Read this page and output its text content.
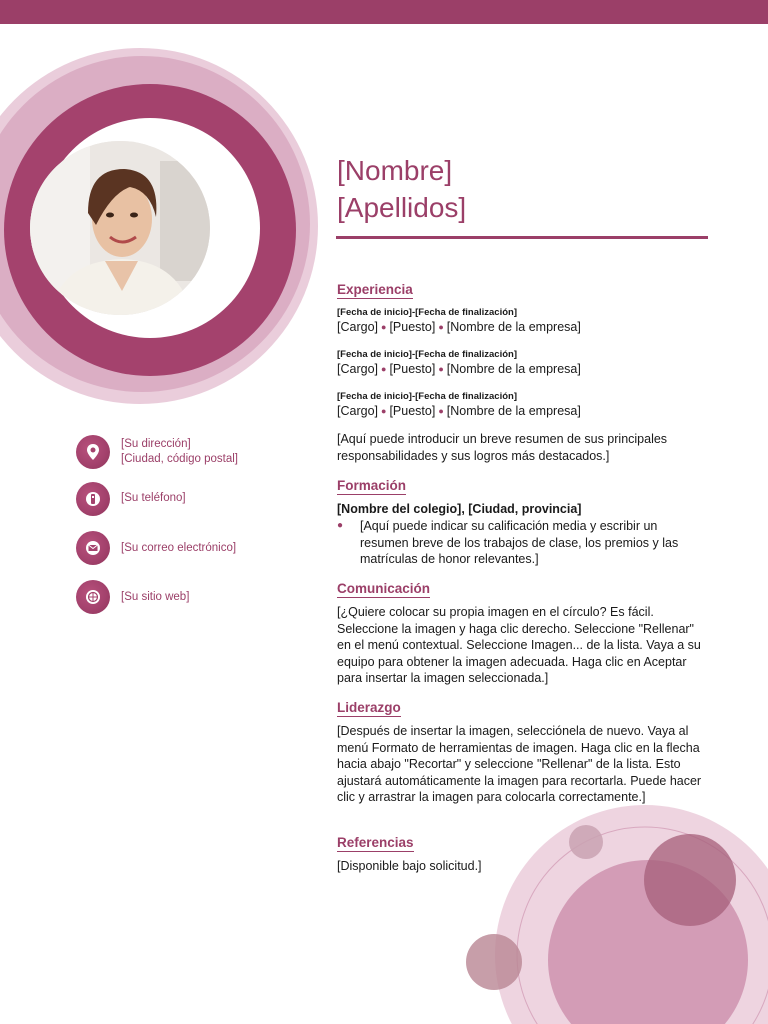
[Su dirección]
[Ciudad, código postal]
[Su teléfono]
[Su correo electrónico]
[Su sitio web]
[Nombre]
[Apellidos]
Experiencia
[Fecha de inicio]-[Fecha de finalización]
[Cargo] ● [Puesto] ● [Nombre de la empresa]
[Fecha de inicio]-[Fecha de finalización]
[Cargo] ● [Puesto] ● [Nombre de la empresa]
[Fecha de inicio]-[Fecha de finalización]
[Cargo] ● [Puesto] ● [Nombre de la empresa]
[Aquí puede introducir un breve resumen de sus principales responsabilidades y sus logros más destacados.]
Formación
[Nombre del colegio], [Ciudad, provincia]
● [Aquí puede indicar su calificación media y escribir un resumen breve de los trabajos de clase, los premios y las matrículas de honor relevantes.]
Comunicación
[¿Quiere colocar su propia imagen en el círculo? Es fácil. Seleccione la imagen y haga clic derecho. Seleccione "Rellenar" en el menú contextual. Seleccione Imagen... de la lista. Vaya a su equipo para obtener la imagen adecuada. Haga clic en Aceptar para insertar la imagen seleccionada.]
Liderazgo
[Después de insertar la imagen, selecciónela de nuevo. Vaya al menú Formato de herramientas de imagen. Haga clic en la flecha hacia abajo "Recortar" y seleccione "Rellenar" de la lista. Esto ajustará automáticamente la imagen para recortarla. Puede hacer clic y arrastrar la imagen para colocarla correctamente.]
Referencias
[Disponible bajo solicitud.]
